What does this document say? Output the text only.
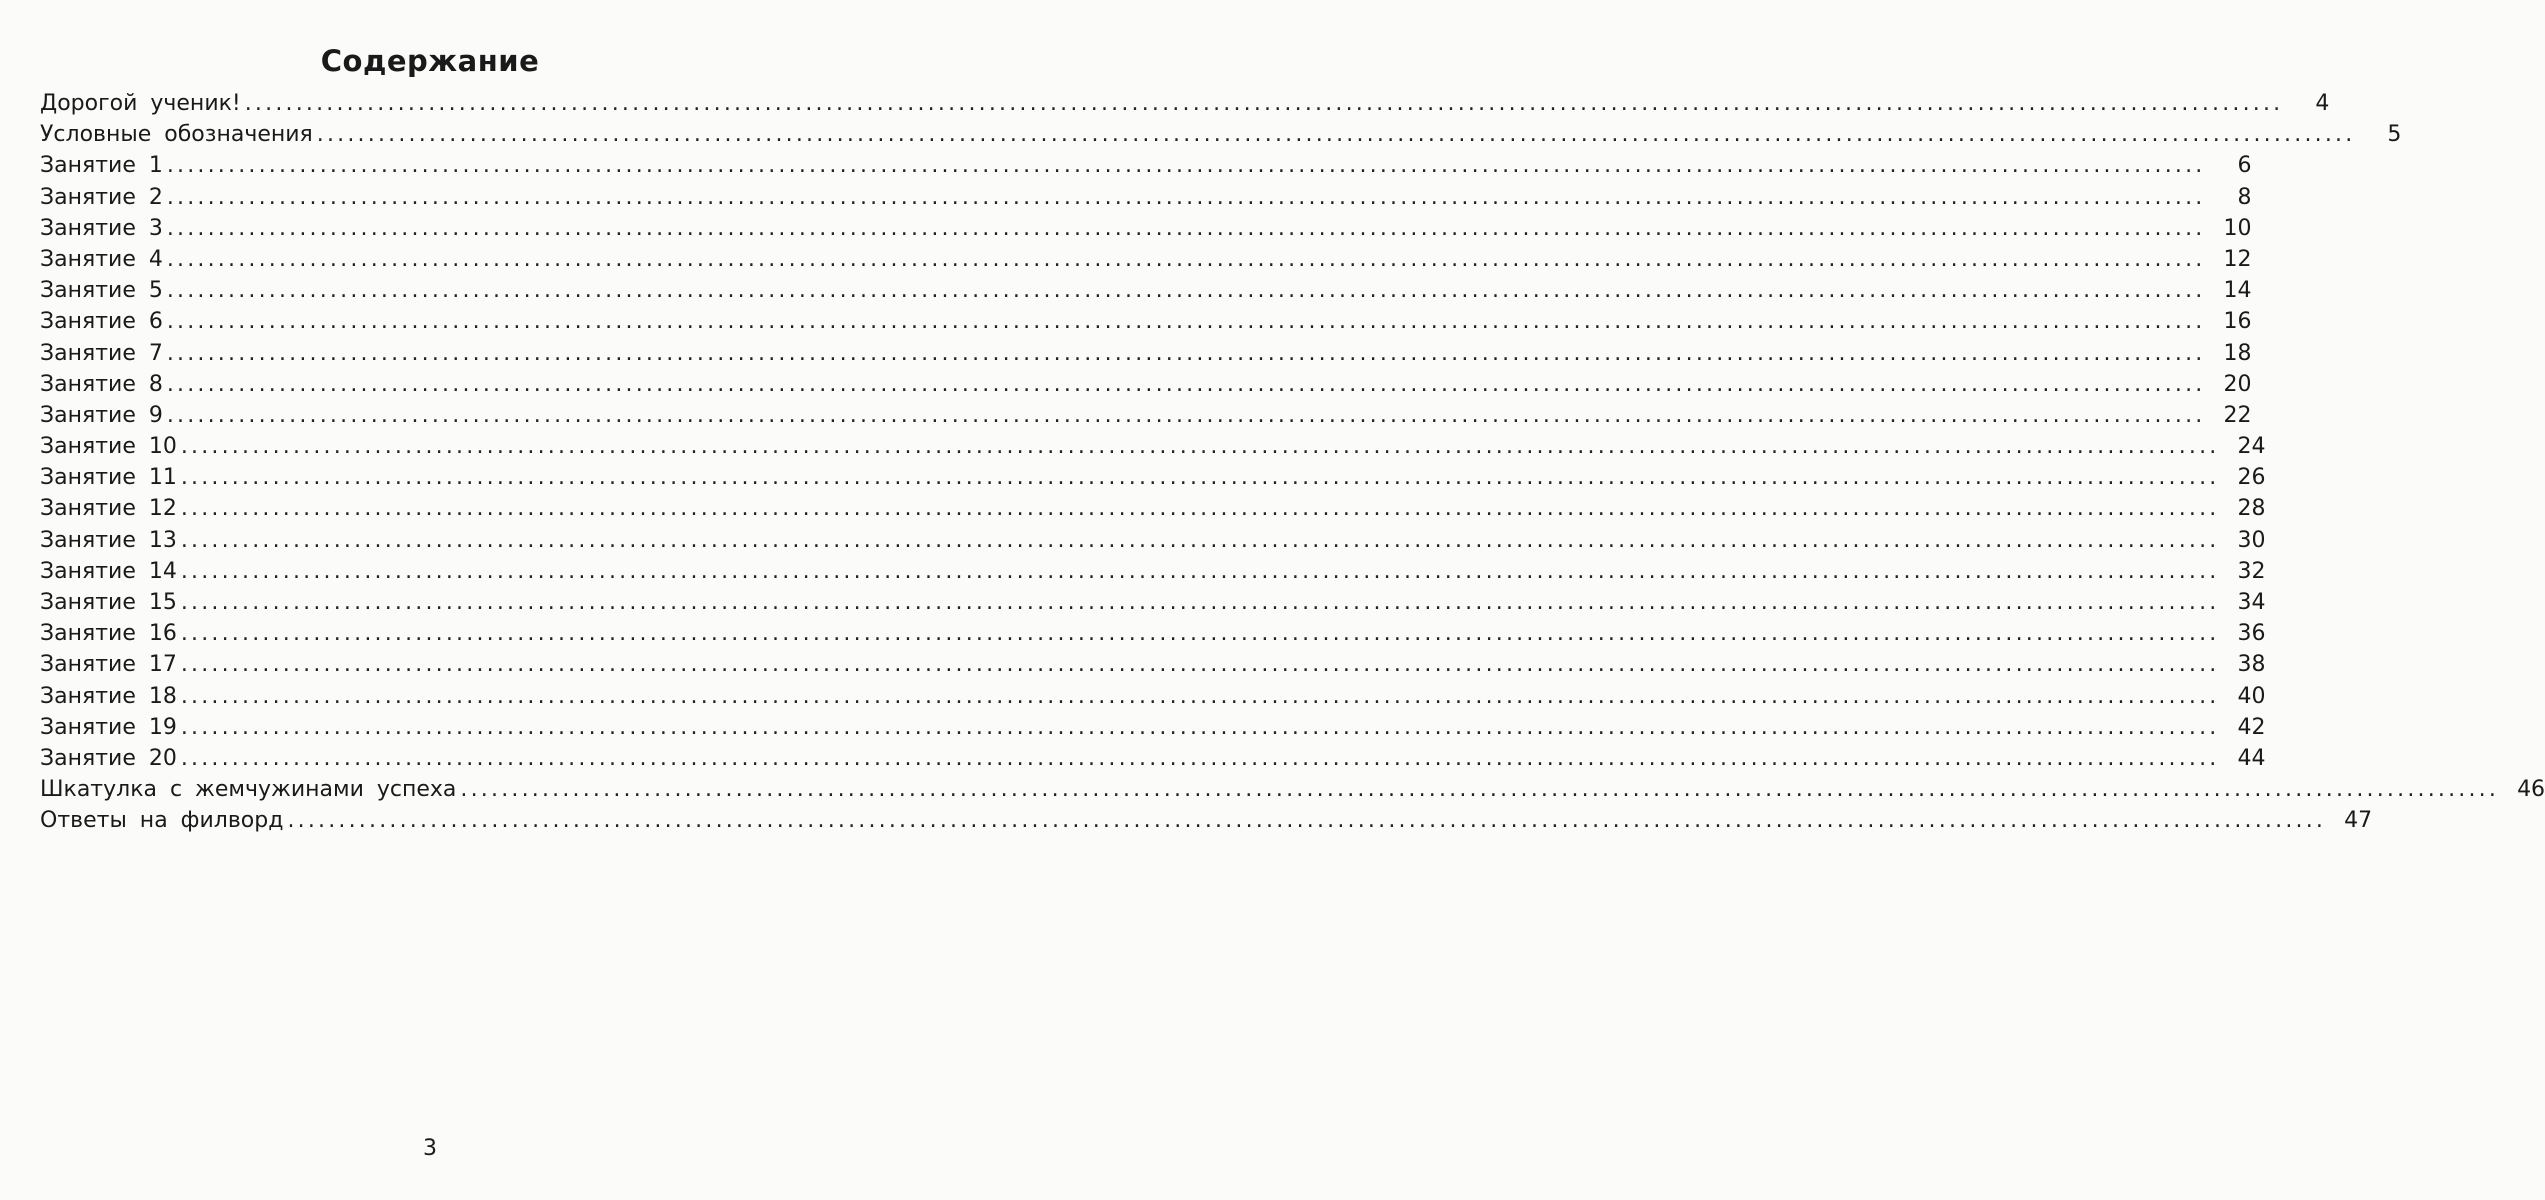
Содержание
Дорогой ученик! ........................................................................................................................................................................................................	4
Условные обозначения ........................................................................................................................................................................................................	5
Занятие 1 ........................................................................................................................................................................................................	6
Занятие 2 ........................................................................................................................................................................................................	8
Занятие 3 ........................................................................................................................................................................................................ 10
Занятие 4 ........................................................................................................................................................................................................ 12
Занятие 5 ........................................................................................................................................................................................................ 14
Занятие 6 ........................................................................................................................................................................................................ 16
Занятие 7 ........................................................................................................................................................................................................ 18
Занятие 8 ........................................................................................................................................................................................................ 20
Занятие 9 ........................................................................................................................................................................................................ 22
Занятие 10 ........................................................................................................................................................................................................ 24
Занятие 11 ........................................................................................................................................................................................................ 26
Занятие 12 ........................................................................................................................................................................................................ 28
Занятие 13 ........................................................................................................................................................................................................ 30
Занятие 14 ........................................................................................................................................................................................................ 32
Занятие 15 ........................................................................................................................................................................................................ 34
Занятие 16 ........................................................................................................................................................................................................ 36
Занятие 17 ........................................................................................................................................................................................................ 38
Занятие 18 ........................................................................................................................................................................................................ 40
Занятие 19 ........................................................................................................................................................................................................ 42
Занятие 20 ........................................................................................................................................................................................................ 44
Шкатулка с жемчужинами успеха ........................................................................................................................................................................................................ 46
Ответы на филворд ........................................................................................................................................................................................................ 47
3
